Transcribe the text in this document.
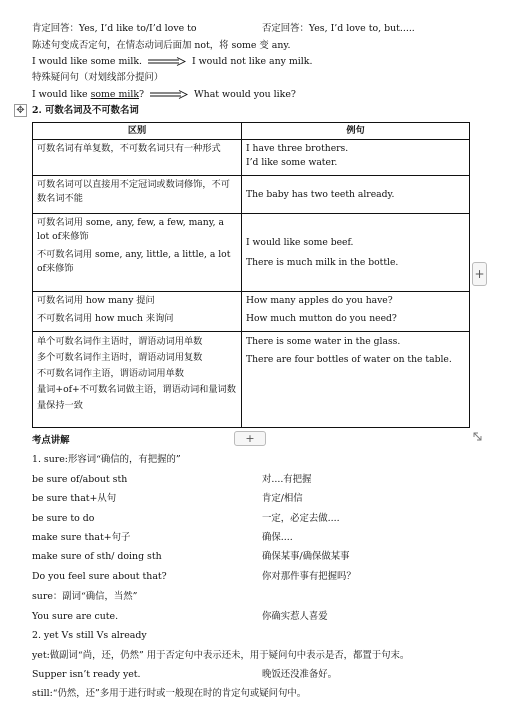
肯定回答：Yes, I’d like to/I’d love to	否定回答：Yes, I’d love to, but.....
陈述句变成否定句，在情态动词后面加 not，将 some 变 any.
I would like some milk.	I would not like any milk.
特殊疑问句（对划线部分提问）
I would like some milk?	What would you like?
✥ 2. 可数名词及不可数名词
区别	例句

可数名词有单复数，不可数名词只有一种形式	I have three brothers.
I’d like some water.

可数名词可以直接用不定冠词或数词修饰，不可数名词不能	The baby has two teeth already.

可数名词用 some, any, few, a few, many, a lot of来修饰
不可数名词用 some, any, little, a little, a lot of来修饰	I would like some beef.
There is much milk in the bottle.

可数名词用 how many 提问
不可数名词用 how much 来询问	How many apples do you have?
How much mutton do you need?

单个可数名词作主语时，谓语动词用单数
多个可数名词作主语时，谓语动词用复数
不可数名词作主语，谓语动词用单数
量词+of+不可数名词做主语，谓语动词和量词数量保持一致	There is some water in the glass.
There are four bottles of water on the table.
+
+
考点讲解
1. sure:形容词“确信的，有把握的”
be sure of/about sth	对....有把握
be sure that+从句	肯定/相信
be sure to do	一定，必定去做....
make sure that+句子	确保....
make sure of sth/ doing sth	确保某事/确保做某事
Do you feel sure about that?	你对那件事有把握吗？
sure：副词“确信，当然”
You sure are cute.	你确实惹人喜爱
2. yet Vs still Vs already
yet:做副词“尚，还，仍然” 用于否定句中表示还未，用于疑问句中表示是否，都置于句末。
Supper isn’t ready yet.	晚饭还没准备好。
still:“仍然，还”多用于进行时或一般现在时的肯定句或疑问句中。
